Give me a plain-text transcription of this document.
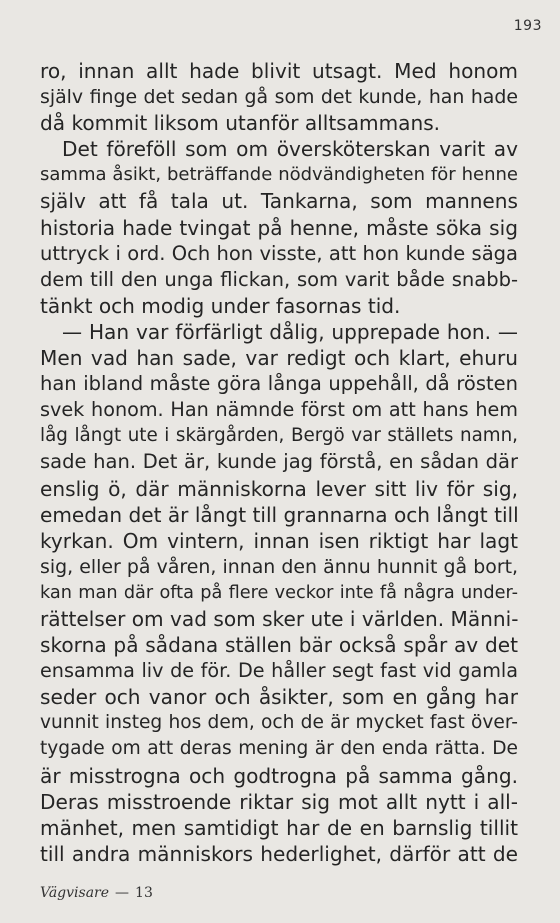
193
ro, innan allt hade blivit utsagt. Med honom
själv finge det sedan gå som det kunde, han hade
då kommit liksom utanför alltsammans.
Det föreföll som om översköterskan varit av
samma åsikt, beträffande nödvändigheten för henne
själv att få tala ut. Tankarna, som mannens
historia hade tvingat på henne, måste söka sig
uttryck i ord. Och hon visste, att hon kunde säga
dem till den unga flickan, som varit både snabb-
tänkt och modig under fasornas tid.
— Han var förfärligt dålig, upprepade hon. —
Men vad han sade, var redigt och klart, ehuru
han ibland måste göra långa uppehåll, då rösten
svek honom. Han nämnde först om att hans hem
låg långt ute i skärgården, Bergö var ställets namn,
sade han. Det är, kunde jag förstå, en sådan där
enslig ö, där människorna lever sitt liv för sig,
emedan det är långt till grannarna och långt till
kyrkan. Om vintern, innan isen riktigt har lagt
sig, eller på våren, innan den ännu hunnit gå bort,
kan man där ofta på flere veckor inte få några under-
rättelser om vad som sker ute i världen. Männi-
skorna på sådana ställen bär också spår av det
ensamma liv de för. De håller segt fast vid gamla
seder och vanor och åsikter, som en gång har
vunnit insteg hos dem, och de är mycket fast över-
tygade om att deras mening är den enda rätta. De
är misstrogna och godtrogna på samma gång.
Deras misstroende riktar sig mot allt nytt i all-
mänhet, men samtidigt har de en barnslig tillit
till andra människors hederlighet, därför att de
Vägvisare — 13
